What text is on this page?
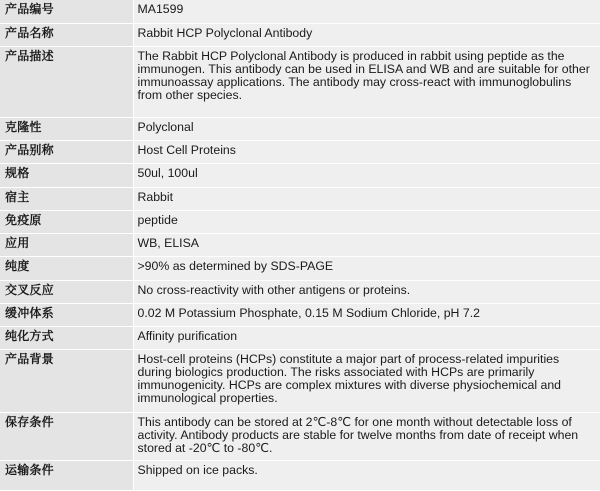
产品编号	MA1599
产品名称	Rabbit HCP Polyclonal Antibody
产品描述	The Rabbit HCP Polyclonal Antibody is produced in rabbit using peptide as the immunogen. This antibody can be used in ELISA and WB and are suitable for other immunoassay applications. The antibody may cross-react with immunoglobulins from other species.
克隆性	Polyclonal
产品别称	Host Cell Proteins
规格	50ul, 100ul
宿主	Rabbit
免疫原	peptide
应用	WB, ELISA
纯度	>90% as determined by SDS-PAGE
交叉反应	No cross-reactivity with other antigens or proteins.
缓冲体系	0.02 M Potassium Phosphate, 0.15 M Sodium Chloride, pH 7.2
纯化方式	Affinity purification
产品背景	Host-cell proteins (HCPs) constitute a major part of process-related impurities during biologics production. The risks associated with HCPs are primarily immunogenicity. HCPs are complex mixtures with diverse physiochemical and immunological properties.
保存条件	This antibody can be stored at 2℃-8℃ for one month without detectable loss of activity. Antibody products are stable for twelve months from date of receipt when stored at -20℃ to -80℃.
运输条件	Shipped on ice packs.
